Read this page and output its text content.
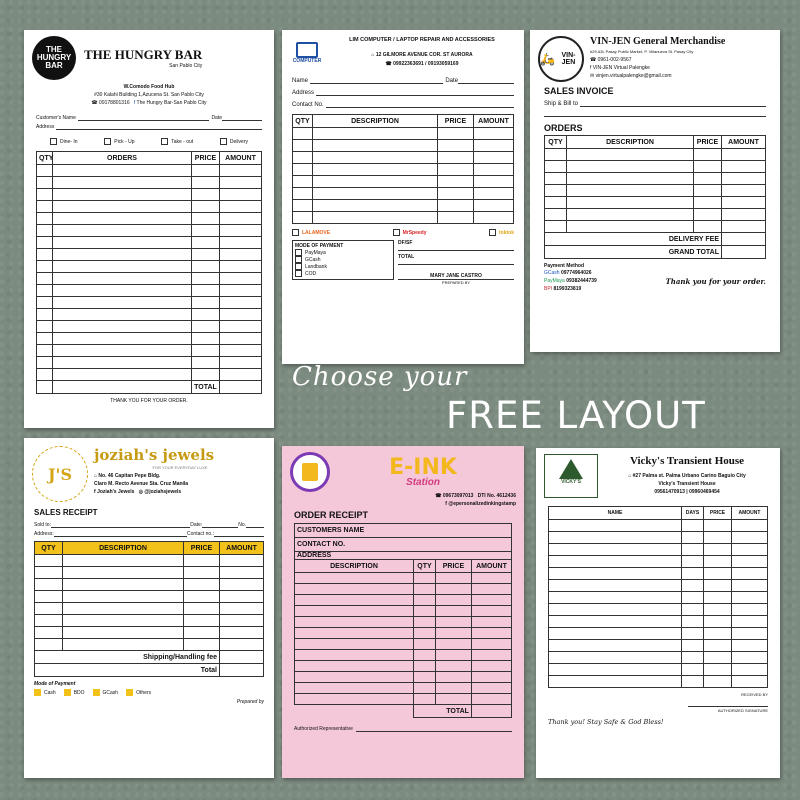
THE HUNGRY BAR
THE HUNGRY BAR
San Pablo City
W.Comodo Food Hub
#30 Kalahi Building 1,Azucena St. San Pablo City
☎ 09178801316 f The Hungry Bar-San Pablo City
Customer's Name	Date
Address
Dine- In	Pick - Up	Take - out	Delivery
QTY	ORDERS	PRICE	AMOUNT

		TOTAL	
THANK YOU FOR YOUR ORDER.
COMPUTER
LIM COMPUTER / LAPTOP REPAIR AND ACCESSORIES
⌂ 12 GILMORE AVENUE COR. ST AURORA
☎ 09922363691 / 09193059169
Name	Date
Address
Contact No.
QTY	DESCRIPTION	PRICE	AMOUNT

LALAMOVE	MrSpeedy	toktok
MODE OF PAYMENT
PayMaya
GCash
Landbank
COD
DF/SF
TOTAL
MARY JANE CASTRO
PREPARED BY
🛵 VIN-JEN
VIN-JEN General Merchandise
#29 A3L Pasay Public Market, P. Villanueva St. Pasay City
☎ 0961-002-9567
f VIN-JEN Virtual Palengke
✉ vinjen.virtualpalengke@gmail.com
SALES INVOICE
Ship & Bill to
ORDERS
QTY	DESCRIPTION	PRICE	AMOUNT

DELIVERY FEE			
GRAND TOTAL			
Payment Method
GCash 09774964026
PayMaya 09382444739
BPI 8199323819
Thank you for your order.
Choose your
FREE LAYOUT
J'S
joziah's jewels
FOR YOUR EVERYDAY LUXE
⌂ No. 46 Capitan Pepe Bldg.
Claro M. Recto Avenue Sta. Cruz Manila
f Joziah's Jewels ◎ @joziahsjewels
SALES RECEIPT
Sold to:	Date:	No.
Address:	Contact no.:
QTY	DESCRIPTION	PRICE	AMOUNT

Shipping/Handling fee			
Total			
Mode of Payment
Cash	BDO	GCash	Others
Prepared by
E-INK
Station
☎ 09673097013 DTI No. 4612436
f @epersonalizedinkingstamp
ORDER RECEIPT
CUSTOMERS NAME			
CONTACT NO.			
ADDRESS			
DESCRIPTION	QTY	PRICE	AMOUNT

	TOTAL		
Authorized Representative
VICKY'S
Vicky's Transient House
⌂ #27 Palma st. Palma Urbano Carino Baguio City
Vicky's Transient House
09561470913 | 09960469454
NAME	DAYS	PRICE	AMOUNT

RECEIVED BY
AUTHORIZED SIGNATURE
Thank you! Stay Safe & God Bless!
